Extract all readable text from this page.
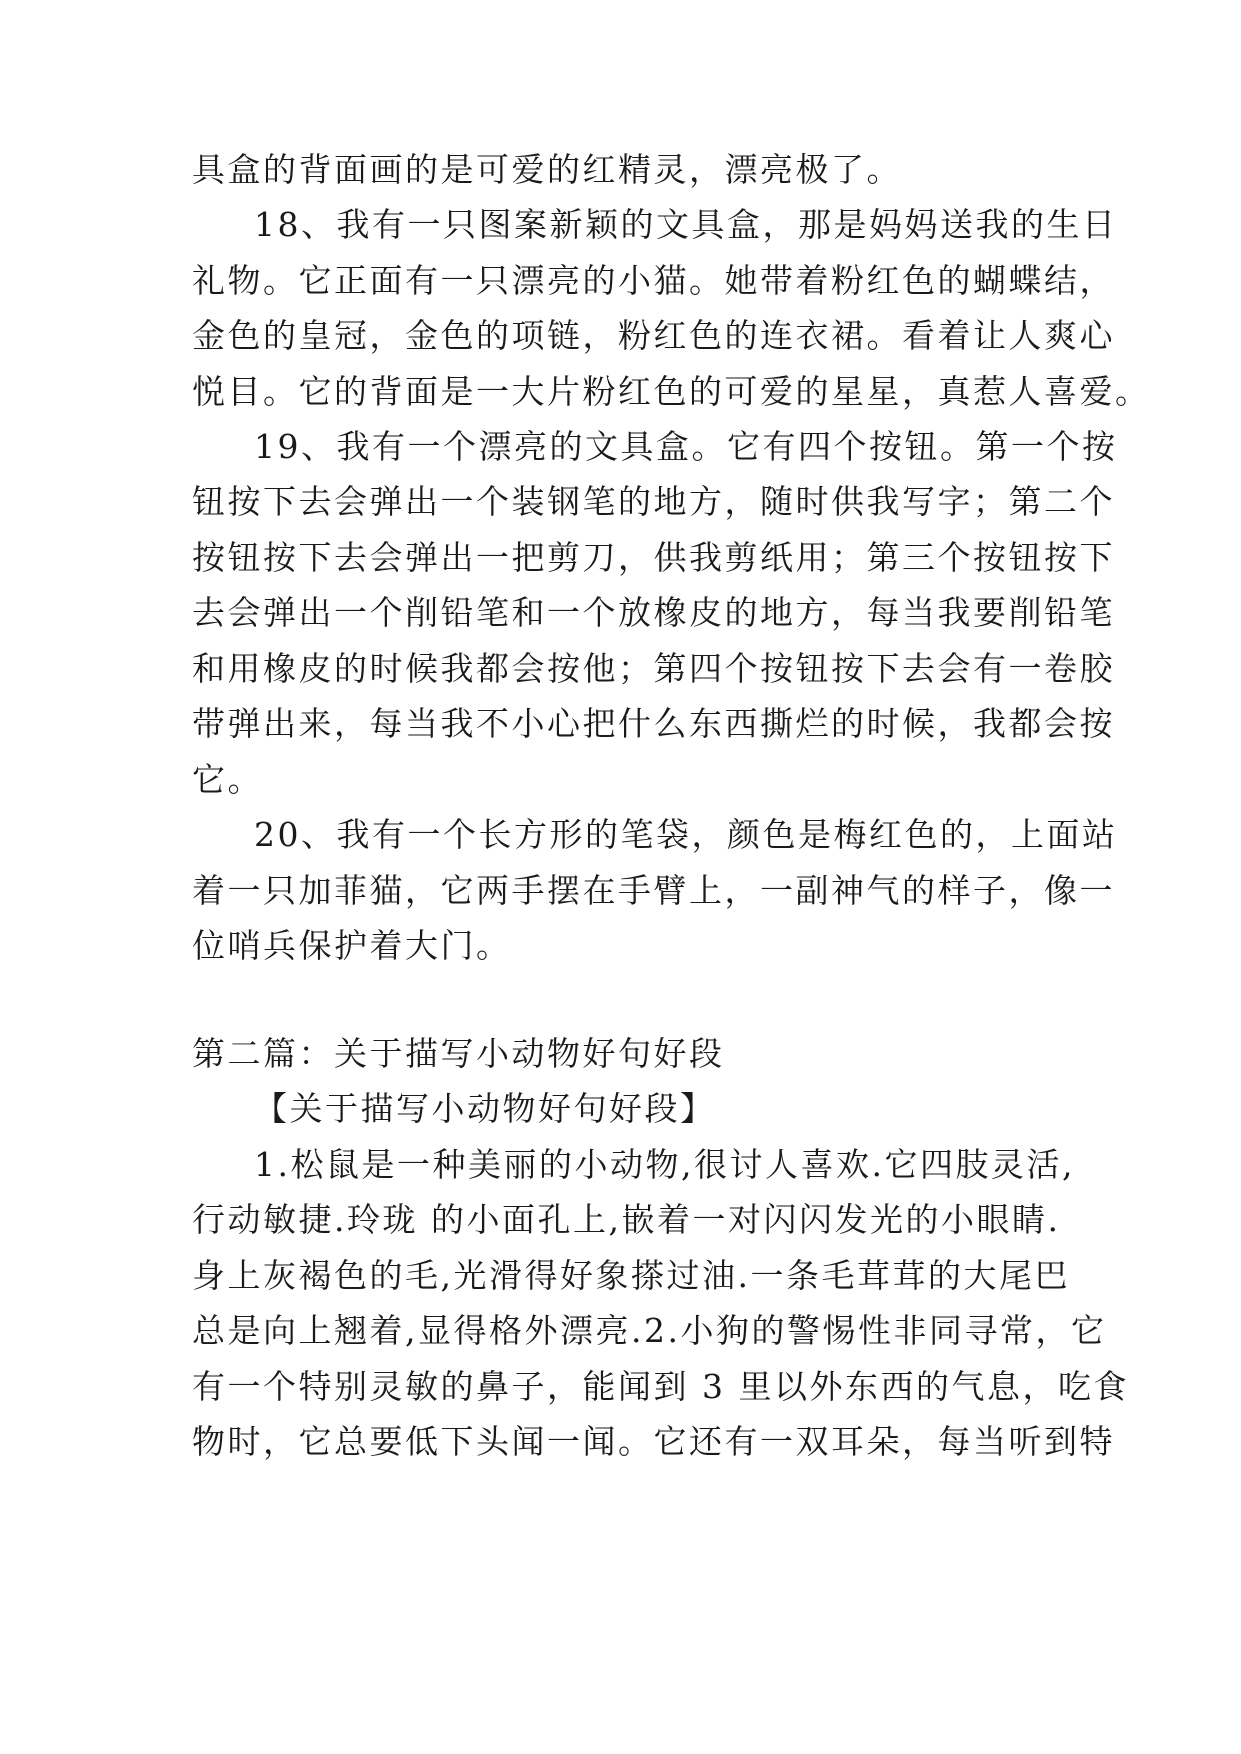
具盒的背面画的是可爱的红精灵，漂亮极了。
18、我有一只图案新颖的文具盒，那是妈妈送我的生日
礼物。它正面有一只漂亮的小猫。她带着粉红色的蝴蝶结，
金色的皇冠，金色的项链，粉红色的连衣裙。看着让人爽心
悦目。它的背面是一大片粉红色的可爱的星星，真惹人喜爱。
19、我有一个漂亮的文具盒。它有四个按钮。第一个按
钮按下去会弹出一个装钢笔的地方，随时供我写字；第二个
按钮按下去会弹出一把剪刀，供我剪纸用；第三个按钮按下
去会弹出一个削铅笔和一个放橡皮的地方，每当我要削铅笔
和用橡皮的时候我都会按他；第四个按钮按下去会有一卷胶
带弹出来，每当我不小心把什么东西撕烂的时候，我都会按
它。
20、我有一个长方形的笔袋，颜色是梅红色的，上面站
着一只加菲猫，它两手摆在手臂上，一副神气的样子，像一
位哨兵保护着大门。
第二篇：关于描写小动物好句好段
【关于描写小动物好句好段】
1.松鼠是一种美丽的小动物,很讨人喜欢.它四肢灵活,
行动敏捷.玲珑 的小面孔上,嵌着一对闪闪发光的小眼睛.
身上灰褐色的毛,光滑得好象搽过油.一条毛茸茸的大尾巴
总是向上翘着,显得格外漂亮.2.小狗的警惕性非同寻常，它
有一个特别灵敏的鼻子，能闻到 3 里以外东西的气息，吃食
物时，它总要低下头闻一闻。它还有一双耳朵，每当听到特
